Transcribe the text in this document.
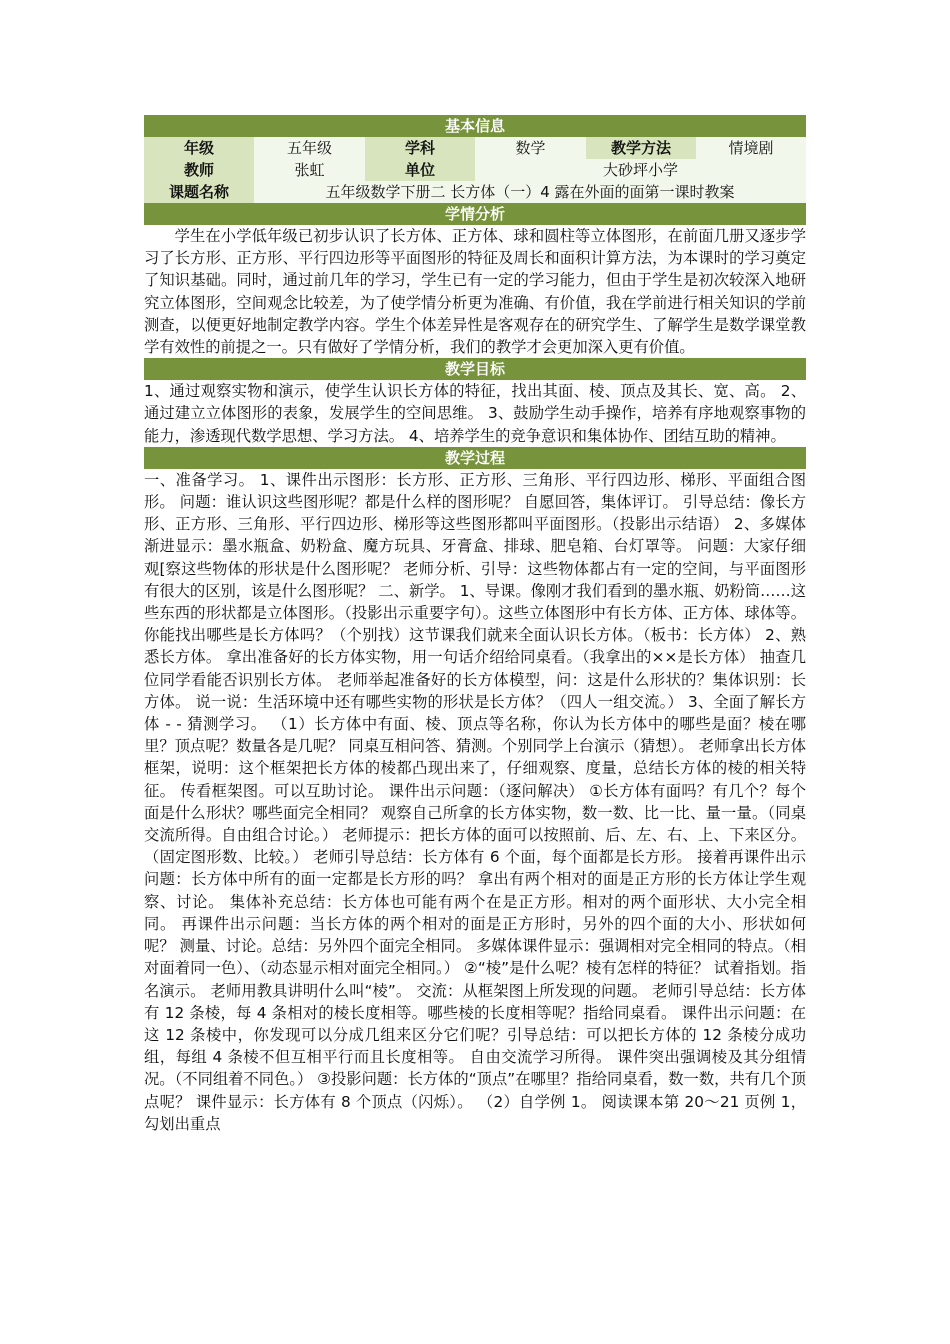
基本信息
年级	五年级	学科	数学	教学方法	情境剧
教师	张虹	单位	大砂坪小学
课题名称	五年级数学下册二 长方体（一）4 露在外面的面第一课时教案
学情分析
学生在小学低年级已初步认识了长方体、正方体、球和圆柱等立体图形，在前面几册又逐步学习了长方形、正方形、平行四边形等平面图形的特征及周长和面积计算方法，为本课时的学习奠定了知识基础。同时，通过前几年的学习，学生已有一定的学习能力，但由于学生是初次较深入地研究立体图形，空间观念比较差，为了使学情分析更为准确、有价值，我在学前进行相关知识的学前测查，以便更好地制定教学内容。学生个体差异性是客观存在的研究学生、了解学生是数学课堂教学有效性的前提之一。只有做好了学情分析，我们的教学才会更加深入更有价值。
教学目标
1、通过观察实物和演示，使学生认识长方体的特征，找出其面、棱、顶点及其长、宽、高。 2、通过建立立体图形的表象，发展学生的空间思维。 3、鼓励学生动手操作，培养有序地观察事物的能力，渗透现代数学思想、学习方法。 4、培养学生的竞争意识和集体协作、团结互助的精神。
教学过程
一、准备学习。 1、课件出示图形：长方形、正方形、三角形、平行四边形、梯形、平面组合图形。 问题：谁认识这些图形呢？都是什么样的图形呢？ 自愿回答，集体评订。 引导总结：像长方形、正方形、三角形、平行四边形、梯形等这些图形都叫平面图形。（投影出示结语） 2、多媒体渐进显示：墨水瓶盒、奶粉盒、魔方玩具、牙膏盒、排球、肥皂箱、台灯罩等。 问题：大家仔细观[察这些物体的形状是什么图形呢？ 老师分析、引导：这些物体都占有一定的空间，与平面图形有很大的区别，该是什么图形呢？ 二、新学。 1、导课。像刚才我们看到的墨水瓶、奶粉筒……这些东西的形状都是立体图形。（投影出示重要字句）。这些立体图形中有长方体、正方体、球体等。你能找出哪些是长方体吗？（个别找）这节课我们就来全面认识长方体。（板书：长方体） 2、熟悉长方体。 拿出准备好的长方体实物，用一句话介绍给同桌看。（我拿出的××是长方体） 抽查几位同学看能否识别长方体。 老师举起准备好的长方体模型，问：这是什么形状的？集体识别：长方体。 说一说：生活环境中还有哪些实物的形状是长方体？（四人一组交流。） 3、全面了解长方体 - - 猜测学习。 （1）长方体中有面、棱、顶点等名称，你认为长方体中的哪些是面？棱在哪里？顶点呢？数量各是几呢？ 同桌互相问答、猜测。个别同学上台演示（猜想）。 老师拿出长方体框架，说明：这个框架把长方体的棱都凸现出来了，仔细观察、度量，总结长方体的棱的相关特征。 传看框架图。可以互助讨论。 课件出示问题：（逐问解决） ①长方体有面吗？有几个？每个面是什么形状？哪些面完全相同？ 观察自己所拿的长方体实物，数一数、比一比、量一量。（同桌交流所得。自由组合讨论。） 老师提示：把长方体的面可以按照前、后、左、右、上、下来区分。（固定图形数、比较。） 老师引导总结：长方体有 6 个面，每个面都是长方形。 接着再课件出示问题：长方体中所有的面一定都是长方形的吗？ 拿出有两个相对的面是正方形的长方体让学生观察、讨论。 集体补充总结：长方体也可能有两个在是正方形。相对的两个面形状、大小完全相同。 再课件出示问题：当长方体的两个相对的面是正方形时，另外的四个面的大小、形状如何呢？ 测量、讨论。总结：另外四个面完全相同。 多媒体课件显示：强调相对完全相同的特点。（相对面着同一色）、（动态显示相对面完全相同。） ②“棱”是什么呢？棱有怎样的特征？ 试着指划。指名演示。 老师用教具讲明什么叫“棱”。 交流：从框架图上所发现的问题。 老师引导总结：长方体有 12 条棱，每 4 条相对的棱长度相等。哪些棱的长度相等呢？指给同桌看。 课件出示问题：在这 12 条棱中，你发现可以分成几组来区分它们呢？引导总结：可以把长方体的 12 条棱分成功组，每组 4 条棱不但互相平行而且长度相等。 自由交流学习所得。 课件突出强调棱及其分组情况。（不同组着不同色。） ③投影问题：长方体的“顶点”在哪里？指给同桌看，数一数，共有几个顶点呢？ 课件显示：长方体有 8 个顶点（闪烁）。 （2）自学例 1。 阅读课本第 20～21 页例 1，勾划出重点
